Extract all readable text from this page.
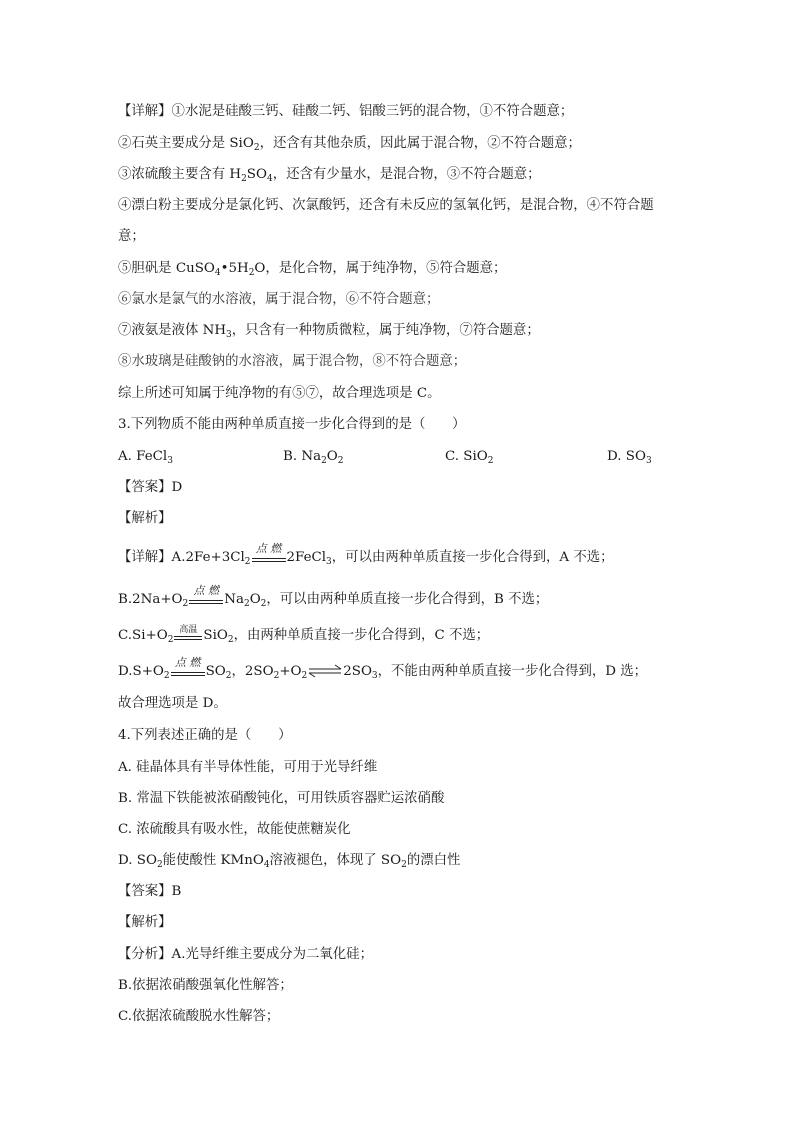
【详解】①水泥是硅酸三钙、硅酸二钙、铝酸三钙的混合物，①不符合题意；
②石英主要成分是 SiO$_2$，还含有其他杂质，因此属于混合物，②不符合题意；
③浓硫酸主要含有 $H_2SO_4$，还含有少量水，是混合物，③不符合题意；
④漂白粉主要成分是氯化钙、次氯酸钙，还含有未反应的氢氧化钙，是混合物，④不符合题
意；
⑤胆矾是 $CuSO_4•5H_2O$，是化合物，属于纯净物，⑤符合题意；
⑥氯水是氯气的水溶液，属于混合物，⑥不符合题意；
⑦液氨是液体 $NH_3$，只含有一种物质微粒，属于纯净物，⑦符合题意；
⑧水玻璃是硅酸钠的水溶液，属于混合物，⑧不符合题意；
综上所述可知属于纯净物的有⑤⑦，故合理选项是 C。
3.下列物质不能由两种单质直接一步化合得到的是（　　）
A. FeCl$_3$	B. $Na_2O_2$	C. SiO$_2$	D. $SO_3$
【答案】D
【解析】
【详解】$A.2Fe+3Cl_2$
点 燃
2FeCl$_3$，可以由两种单质直接一步化合得到，A 不选；
$B.2Na+O_2$
点 燃
$Na_2O_2$，可以由两种单质直接一步化合得到，B 不选；
$C.Si+O_2$
高温 SiO$_2$，由两种单质直接一步化合得到，C 不选；
$D.S+O_2$
点 燃
$SO_2$，$2SO_2+O_2\rightleftharpoons 2SO_3$，不能由两种单质直接一步化合得到，D 选；
故合理选项是 D。
4.下列表述正确的是（　　）
A. 硅晶体具有半导体性能，可用于光导纤维
B. 常温下铁能被浓硝酸钝化，可用铁质容器贮运浓硝酸
C. 浓硫酸具有吸水性，故能使蔗糖炭化
D. $SO_2$能使酸性 KMnO$_4$溶液褪色，体现了 $SO_2$的漂白性
【答案】B
【解析】
【分析】A.光导纤维主要成分为二氧化硅；
B.依据浓硝酸强氧化性解答；
C.依据浓硫酸脱水性解答；
